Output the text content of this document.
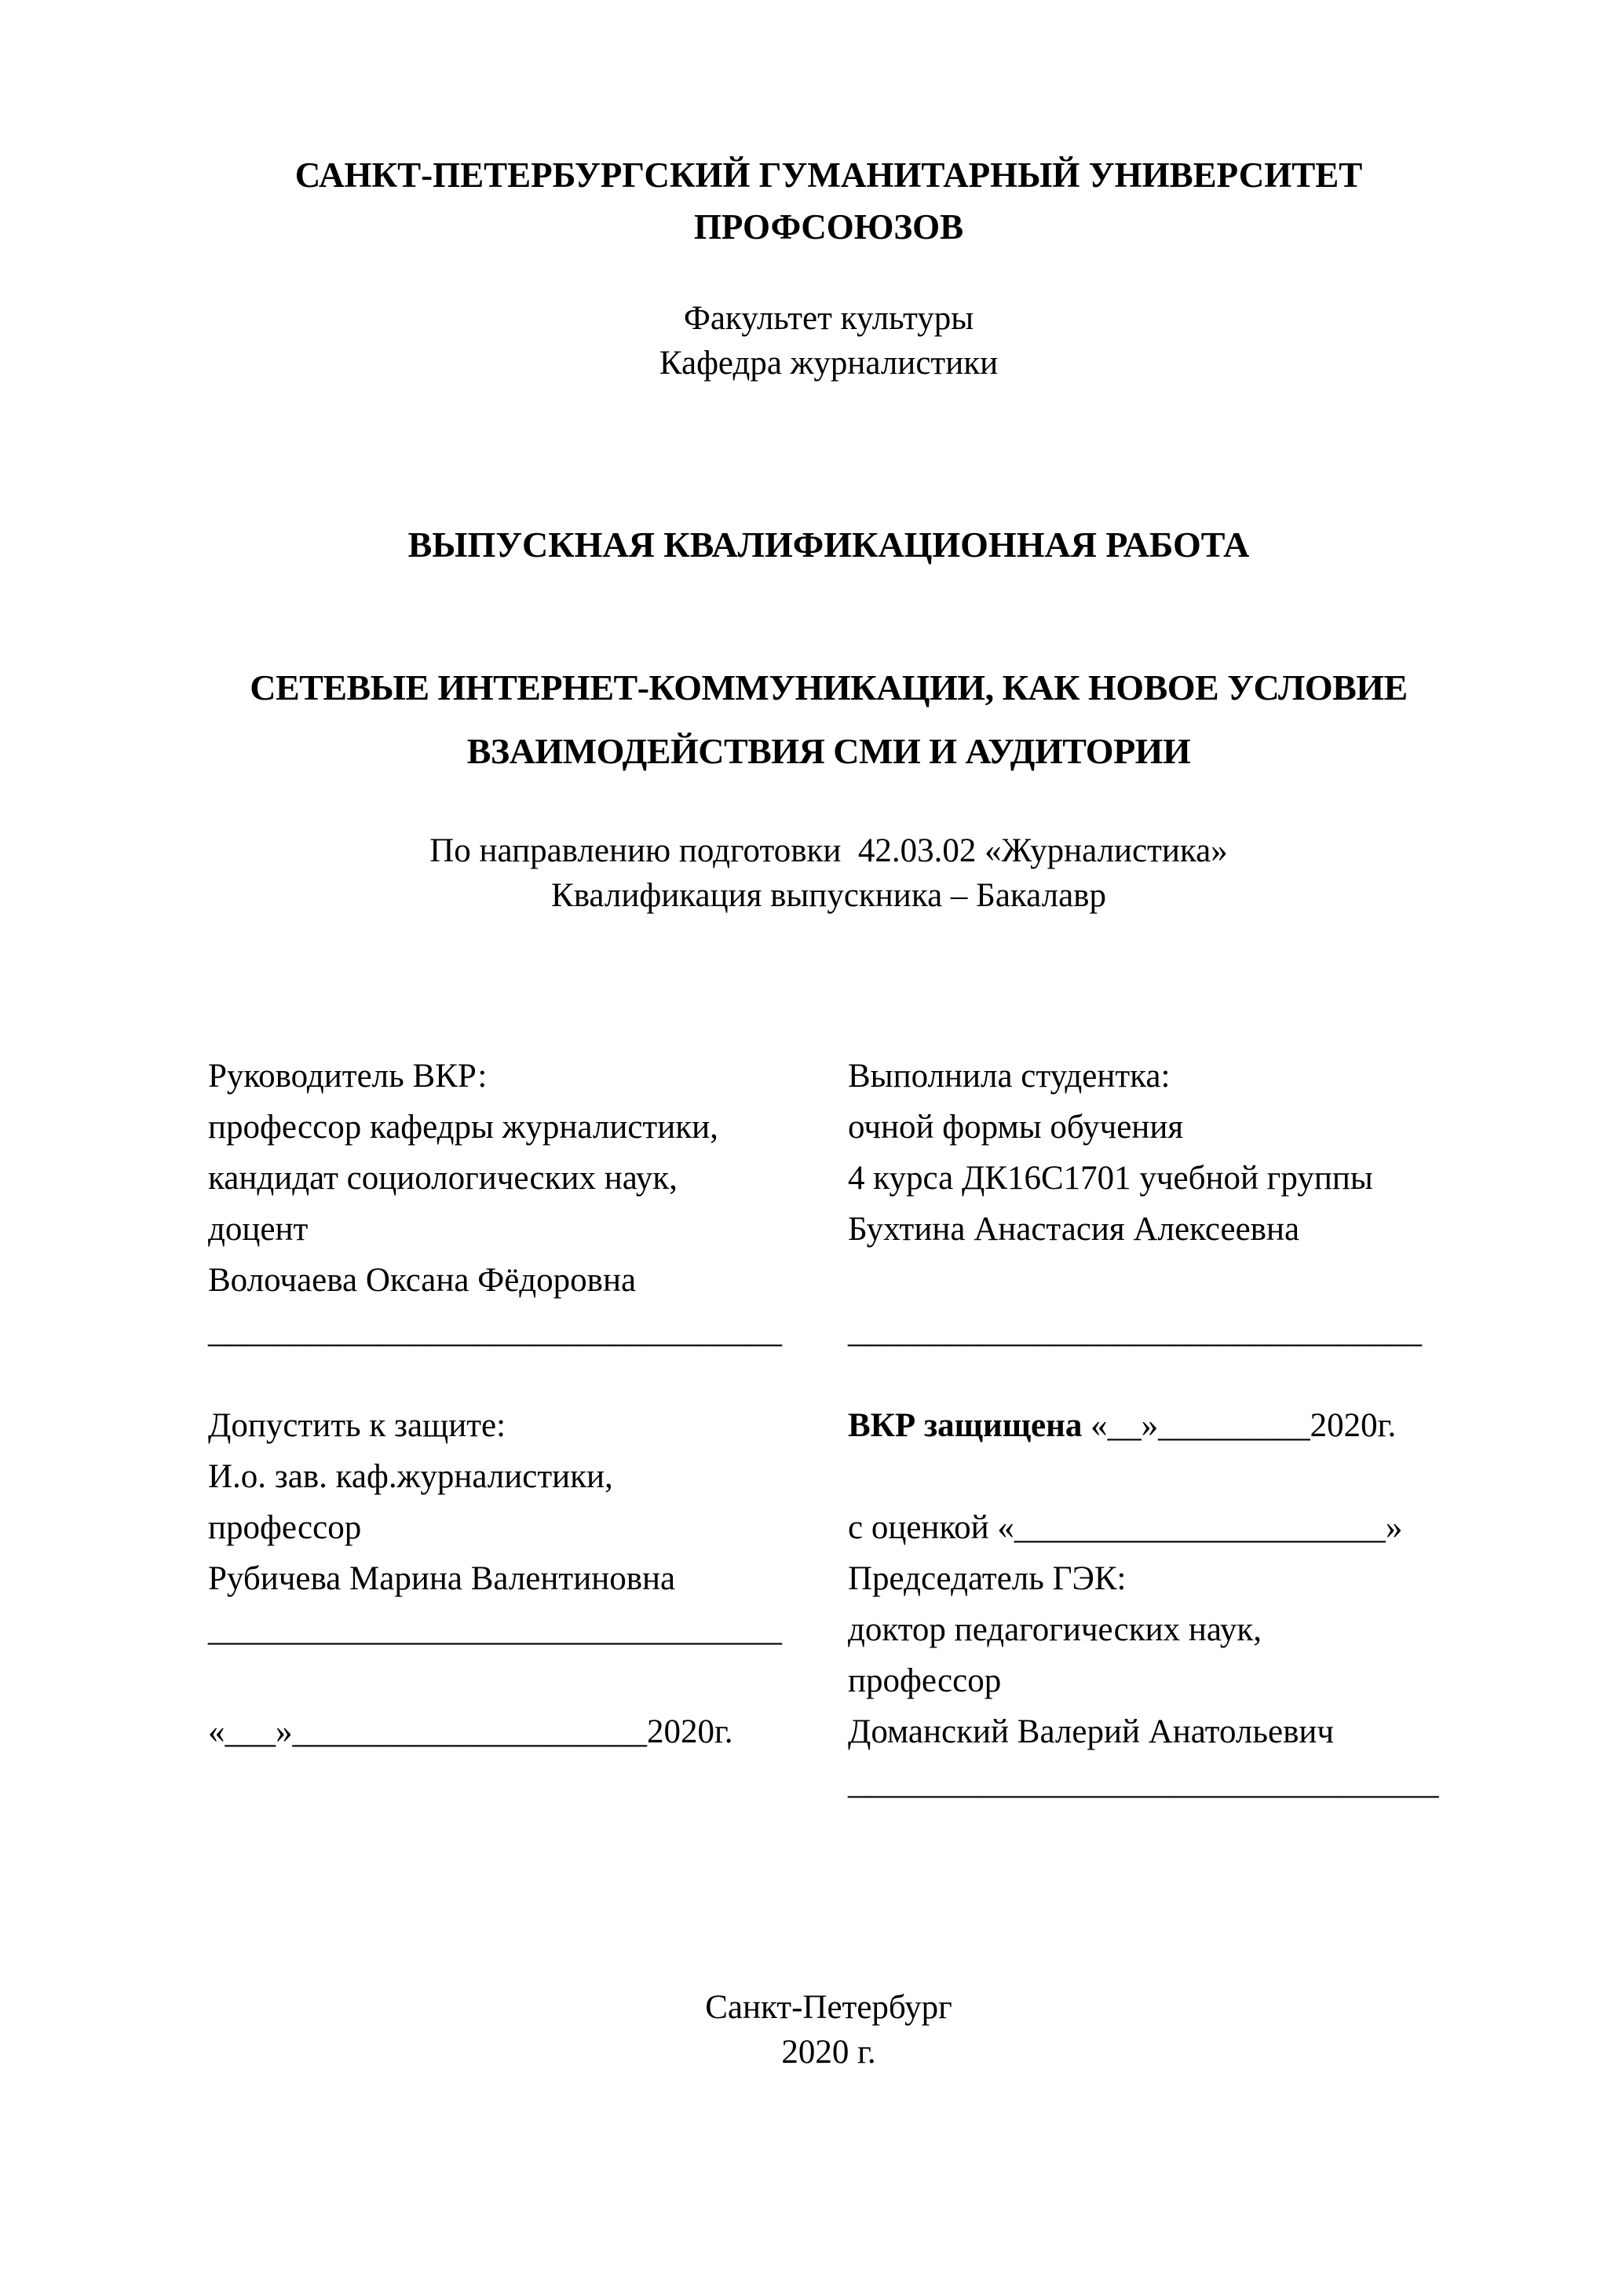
САНКТ-ПЕТЕРБУРГСКИЙ ГУМАНИТАРНЫЙ УНИВЕРСИТЕТ
ПРОФСОЮЗОВ
Факультет культуры
Кафедра журналистики
ВЫПУСКНАЯ КВАЛИФИКАЦИОННАЯ РАБОТА
СЕТЕВЫЕ ИНТЕРНЕТ-КОММУНИКАЦИИ, КАК НОВОЕ УСЛОВИЕ
ВЗАИМОДЕЙСТВИЯ СМИ И АУДИТОРИИ
По направлению подготовки  42.03.02 «Журналистика»
Квалификация выпускника – Бакалавр
Руководитель ВКР:
профессор кафедры журналистики,
кандидат социологических наук,
доцент
Волочаева Оксана Фёдоровна
__________________________________
Выполнила студентка:
очной формы обучения
4 курса ДК16С1701 учебной группы
Бухтина Анастасия Алексеевна
__________________________________
Допустить к защите:
И.о. зав. каф.журналистики,
профессор
Рубичева Марина Валентиновна
__________________________________
«___»_____________________2020г.
ВКР защищена «__»_________2020г.
с оценкой «______________________»
Председатель ГЭК:
доктор педагогических наук,
профессор
Доманский Валерий Анатольевич
___________________________________
Санкт-Петербург
2020 г.
